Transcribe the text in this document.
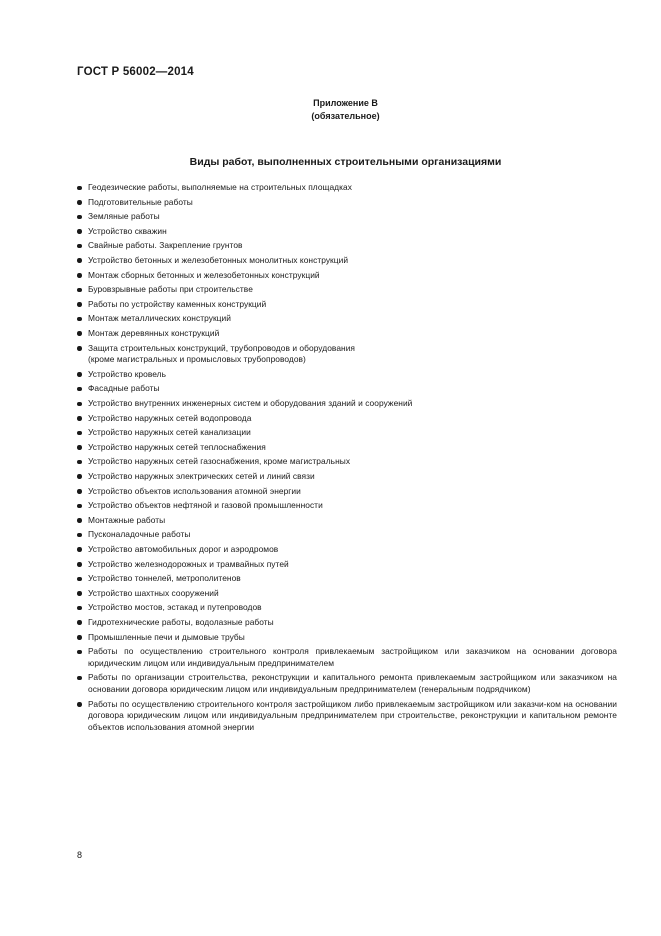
ГОСТ Р 56002—2014
Приложение В
(обязательное)
Виды работ, выполненных строительными организациями
Геодезические работы, выполняемые на строительных площадках
Подготовительные работы
Земляные работы
Устройство скважин
Свайные работы. Закрепление грунтов
Устройство бетонных и железобетонных монолитных конструкций
Монтаж сборных бетонных и железобетонных конструкций
Буровзрывные работы при строительстве
Работы по устройству каменных конструкций
Монтаж металлических конструкций
Монтаж деревянных конструкций
Защита строительных конструкций, трубопроводов и оборудования
(кроме магистральных и промысловых трубопроводов)
Устройство кровель
Фасадные работы
Устройство внутренних инженерных систем и оборудования зданий и сооружений
Устройство наружных сетей водопровода
Устройство наружных сетей канализации
Устройство наружных сетей теплоснабжения
Устройство наружных сетей газоснабжения, кроме магистральных
Устройство наружных электрических сетей и линий связи
Устройство объектов использования атомной энергии
Устройство объектов нефтяной и газовой промышленности
Монтажные работы
Пусконаладочные работы
Устройство автомобильных дорог и аэродромов
Устройство железнодорожных и трамвайных путей
Устройство тоннелей, метрополитенов
Устройство шахтных сооружений
Устройство мостов, эстакад и путепроводов
Гидротехнические работы, водолазные работы
Промышленные печи и дымовые трубы
Работы по осуществлению строительного контроля привлекаемым застройщиком или заказчиком на основании договора юридическим лицом или индивидуальным предпринимателем
Работы по организации строительства, реконструкции и капитального ремонта привлекаемым застройщиком или заказчиком на основании договора юридическим лицом или индивидуальным предпринимателем (генеральным подрядчиком)
Работы по осуществлению строительного контроля застройщиком либо привлекаемым застройщиком или заказчи-ком на основании договора юридическим лицом или индивидуальным предпринимателем при строительстве, реконструкции и капитальном ремонте объектов использования атомной энергии
8
